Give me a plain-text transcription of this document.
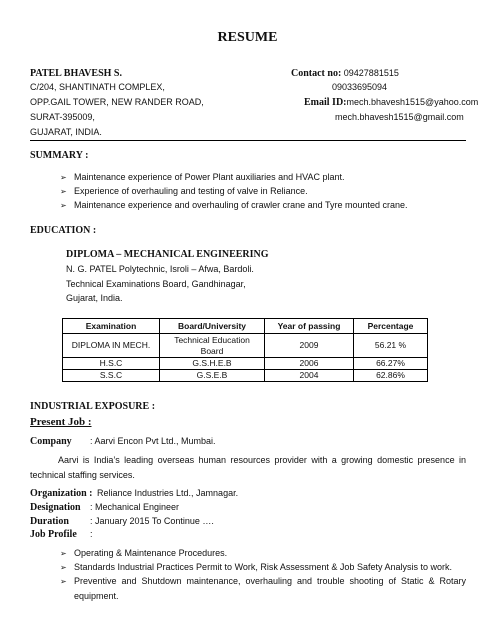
RESUME
PATEL BHAVESH S.
C/204, SHANTINATH COMPLEX,
OPP.GAIL TOWER, NEW RANDER ROAD,
SURAT-395009,
GUJARAT, INDIA.
Contact no: 09427881515
09033695094
Email ID:mech.bhavesh1515@yahoo.com
mech.bhavesh1515@gmail.com
SUMMARY :
➢ Maintenance experience of Power Plant auxiliaries and HVAC plant.
➢ Experience of overhauling and testing of valve in Reliance.
➢ Maintenance experience and overhauling of crawler crane and Tyre mounted crane.
EDUCATION :
DIPLOMA – MECHANICAL ENGINEERING
N. G. PATEL Polytechnic, Isroli – Afwa, Bardoli.
Technical Examinations Board, Gandhinagar,
Gujarat, India.
Examination	Board/University	Year of passing	Percentage
DIPLOMA IN MECH.	Technical Education Board	2009	56.21 %
H.S.C	G.S.H.E.B	2006	66.27%
S.S.C	G.S.E.B	2004	62.86%
INDUSTRIAL EXPOSURE :
Present Job :
Company : Aarvi Encon Pvt Ltd., Mumbai.
Aarvi is India’s leading overseas human resources provider with a growing domestic presence in technical staffing services.
Organization : Reliance Industries Ltd., Jamnagar.
Designation : Mechanical Engineer
Duration : January 2015 To Continue ….
Job Profile :
➢ Operating & Maintenance Procedures.
➢ Standards Industrial Practices Permit to Work, Risk Assessment & Job Safety Analysis to work.
➢ Preventive and Shutdown maintenance, overhauling and trouble shooting of Static & Rotary equipment.
